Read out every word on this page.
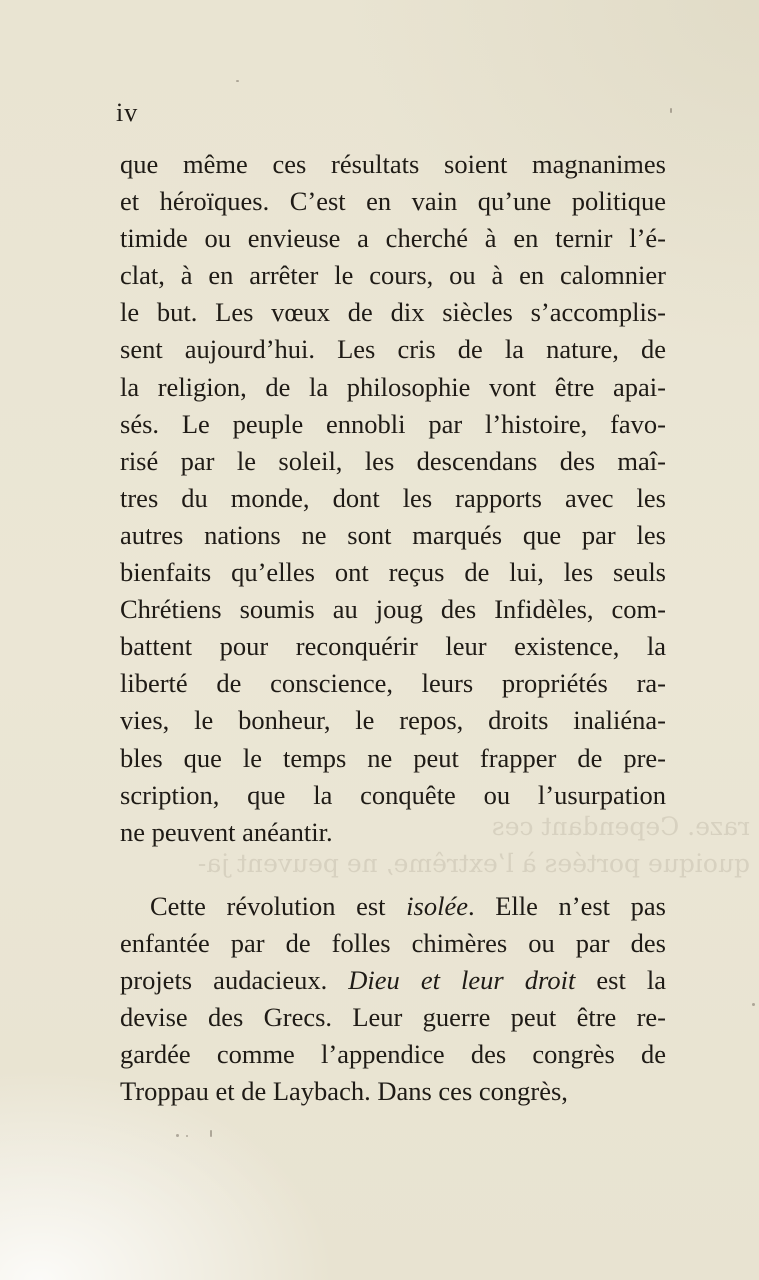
raze. Cependant ces
quoique portées à l’extrême, ne peuvent ja-
iv
que même ces résultats soient magnanimes
et héroïques. C’est en vain qu’une politique
timide ou envieuse a cherché à en ternir l’é-
clat, à en arrêter le cours, ou à en calomnier
le but. Les vœux de dix siècles s’accomplis-
sent aujourd’hui. Les cris de la nature, de
la religion, de la philosophie vont être apai-
sés. Le peuple ennobli par l’histoire, favo-
risé par le soleil, les descendans des maî-
tres du monde, dont les rapports avec les
autres nations ne sont marqués que par les
bienfaits qu’elles ont reçus de lui, les seuls
Chrétiens soumis au joug des Infidèles, com-
battent pour reconquérir leur existence, la
liberté de conscience, leurs propriétés ra-
vies, le bonheur, le repos, droits inaliéna-
bles que le temps ne peut frapper de pre-
scription, que la conquête ou l’usurpation
ne peuvent anéantir.
Cette révolution est isolée. Elle n’est pas
enfantée par de folles chimères ou par des
projets audacieux. Dieu et leur droit est la
devise des Grecs. Leur guerre peut être re-
gardée comme l’appendice des congrès de
Troppau et de Laybach. Dans ces congrès,
